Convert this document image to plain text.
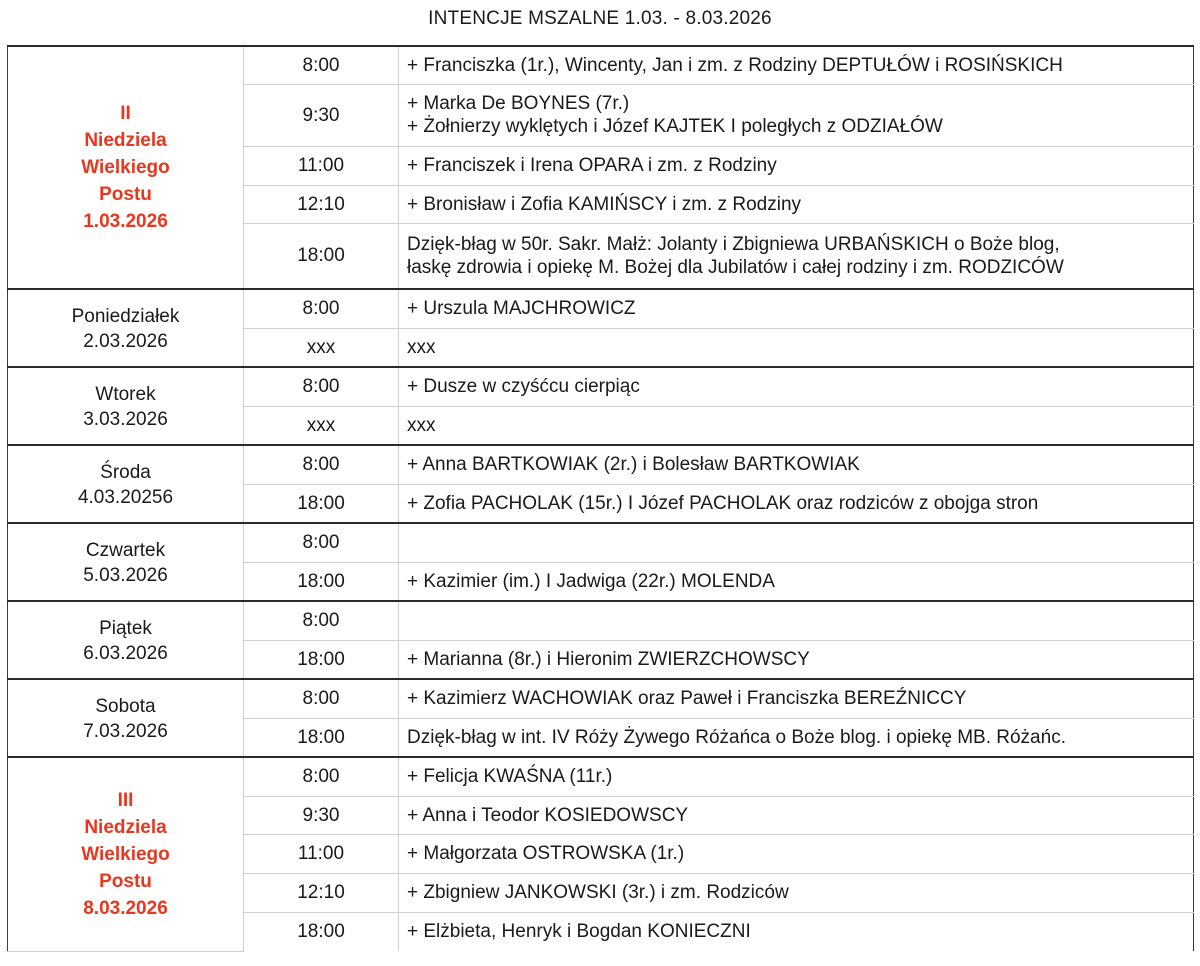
INTENCJE MSZALNE 1.03. - 8.03.2026
II
Niedziela
Wielkiego
Postu
1.03.2026	8:00	+ Franciszka (1r.), Wincenty, Jan i zm. z Rodziny DEPTUŁÓW i ROSIŃSKICH

	9:30	+ Marka De BOYNES (7r.)
+ Żołnierzy wyklętych i Józef KAJTEK I poległych z ODZIAŁÓW

	11:00	+ Franciszek i Irena OPARA i zm. z Rodziny

	12:10	+ Bronisław i Zofia KAMIŃSCY i zm. z Rodziny

	18:00	Dzięk-błag w 50r. Sakr. Małż: Jolanty i Zbigniewa URBAŃSKICH o Boże blog,
łaskę zdrowia i opiekę M. Bożej dla Jubilatów i całej rodziny i zm. RODZICÓW

Poniedziałek
2.03.2026	8:00	+ Urszula MAJCHROWICZ

	xxx	xxx

Wtorek
3.03.2026	8:00	+ Dusze w czyśćcu cierpiąc

	xxx	xxx

Środa
4.03.20256	8:00	+ Anna BARTKOWIAK (2r.) i Bolesław BARTKOWIAK

	18:00	+ Zofia PACHOLAK (15r.) I Józef PACHOLAK oraz rodziców z obojga stron

Czwartek
5.03.2026	8:00	

	18:00	+ Kazimier (im.) I Jadwiga (22r.) MOLENDA

Piątek
6.03.2026	8:00	

	18:00	+ Marianna (8r.) i Hieronim ZWIERZCHOWSCY

Sobota
7.03.2026	8:00	+ Kazimierz WACHOWIAK oraz Paweł i Franciszka BEREŹNICCY

	18:00	Dzięk-błag w int. IV Róży Żywego Różańca o Boże blog. i opiekę MB. Różańc.

III
Niedziela
Wielkiego
Postu
8.03.2026	8:00	+ Felicja KWAŚNA (11r.)

	9:30	+ Anna i Teodor KOSIEDOWSCY

	11:00	+ Małgorzata OSTROWSKA (1r.)

	12:10	+ Zbigniew JANKOWSKI (3r.) i zm. Rodziców

	18:00	+ Elżbieta, Henryk i Bogdan KONIECZNI
